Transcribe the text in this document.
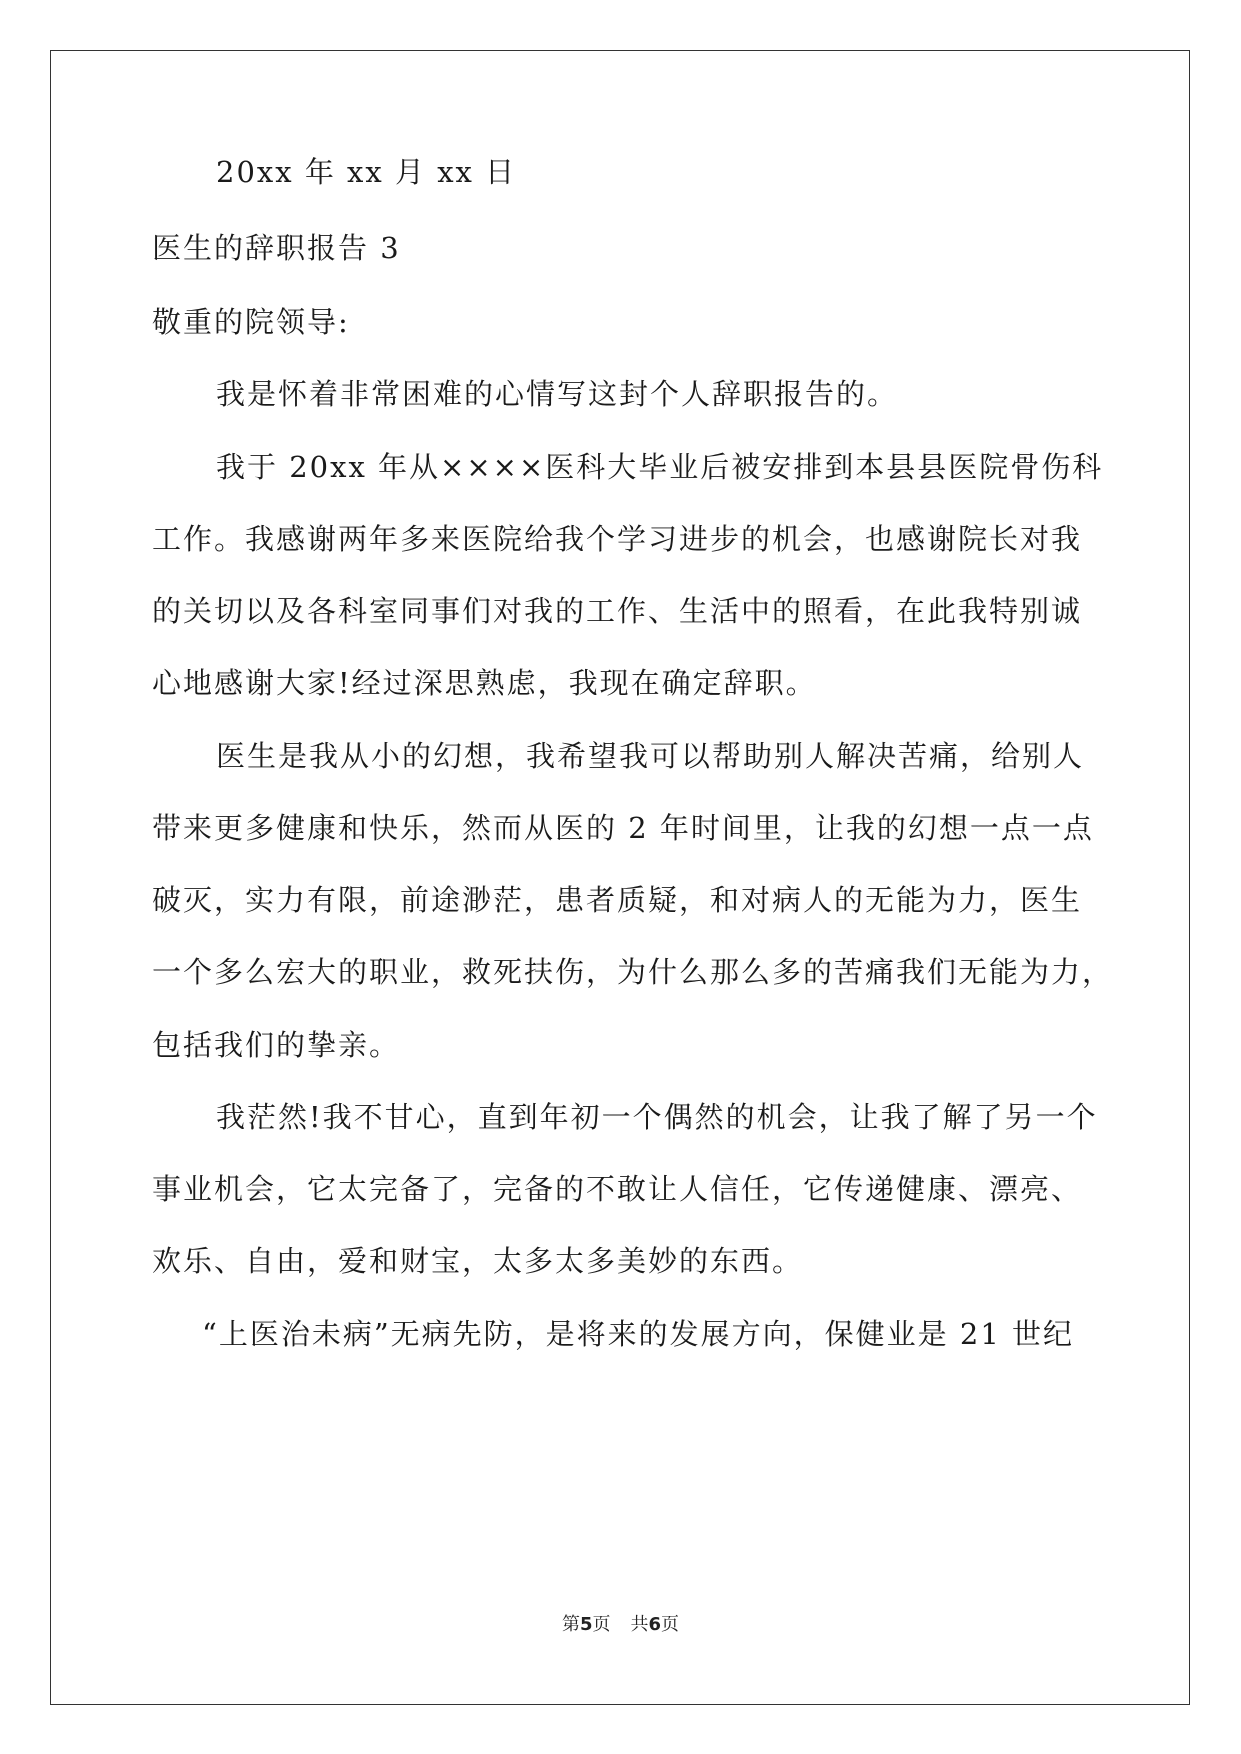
20xx 年 xx 月 xx 日
医生的辞职报告 3
敬重的院领导:
我是怀着非常困难的心情写这封个人辞职报告的。
我于 20xx 年从××××医科大毕业后被安排到本县县医院骨伤科
工作。我感谢两年多来医院给我个学习进步的机会，也感谢院长对我
的关切以及各科室同事们对我的工作、生活中的照看，在此我特别诚
心地感谢大家!经过深思熟虑，我现在确定辞职。
医生是我从小的幻想，我希望我可以帮助别人解决苦痛，给别人
带来更多健康和快乐，然而从医的 2 年时间里，让我的幻想一点一点
破灭，实力有限，前途渺茫，患者质疑，和对病人的无能为力，医生
一个多么宏大的职业，救死扶伤，为什么那么多的苦痛我们无能为力，
包括我们的挚亲。
我茫然!我不甘心，直到年初一个偶然的机会，让我了解了另一个
事业机会，它太完备了，完备的不敢让人信任，它传递健康、漂亮、
欢乐、自由，爱和财宝，太多太多美妙的东西。
“上医治未病”无病先防，是将来的发展方向，保健业是 21 世纪
第5页 共6页
